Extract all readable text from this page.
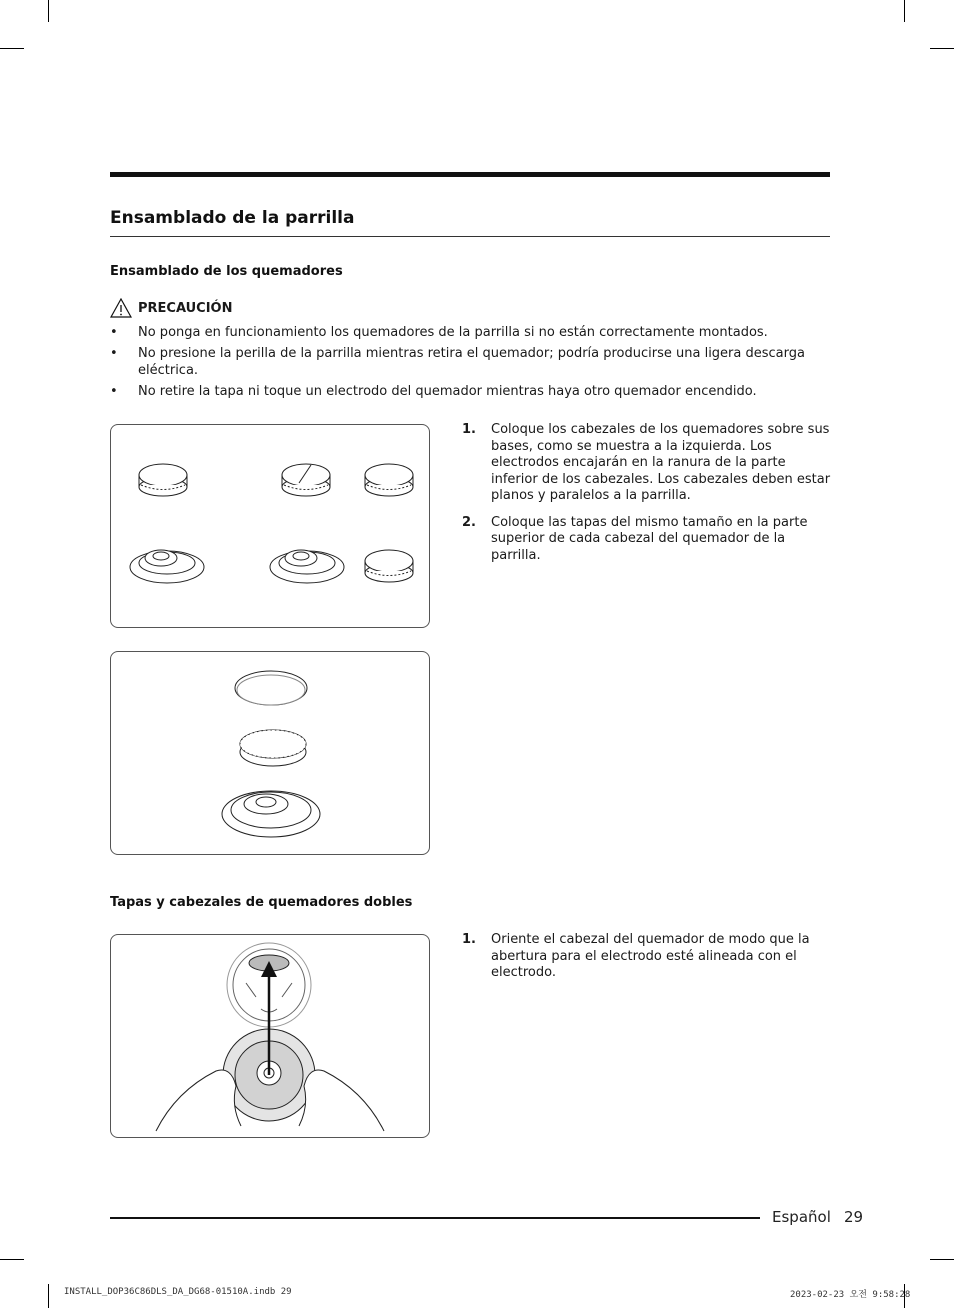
Ensamblado de la parrilla
Ensamblado de los quemadores
PRECAUCIÓN
• No ponga en funcionamiento los quemadores de la parrilla si no están correctamente montados.
• No presione la perilla de la parrilla mientras retira el quemador; podría producirse una ligera descarga eléctrica.
• No retire la tapa ni toque un electrodo del quemador mientras haya otro quemador encendido.
1.	Coloque los cabezales de los quemadores sobre sus bases, como se muestra a la izquierda. Los electrodos encajarán en la ranura de la parte inferior de los cabezales. Los cabezales deben estar planos y paralelos a la parrilla.
2.	Coloque las tapas del mismo tamaño en la parte superior de cada cabezal del quemador de la parrilla.
Tapas y cabezales de quemadores dobles
1.	Oriente el cabezal del quemador de modo que la abertura para el electrodo esté alineada con el electrodo.
Español 29
INSTALL_DOP36C86DLS_DA_DG68-01510A.indb 29	2023-02-23 오전 9:58:28
